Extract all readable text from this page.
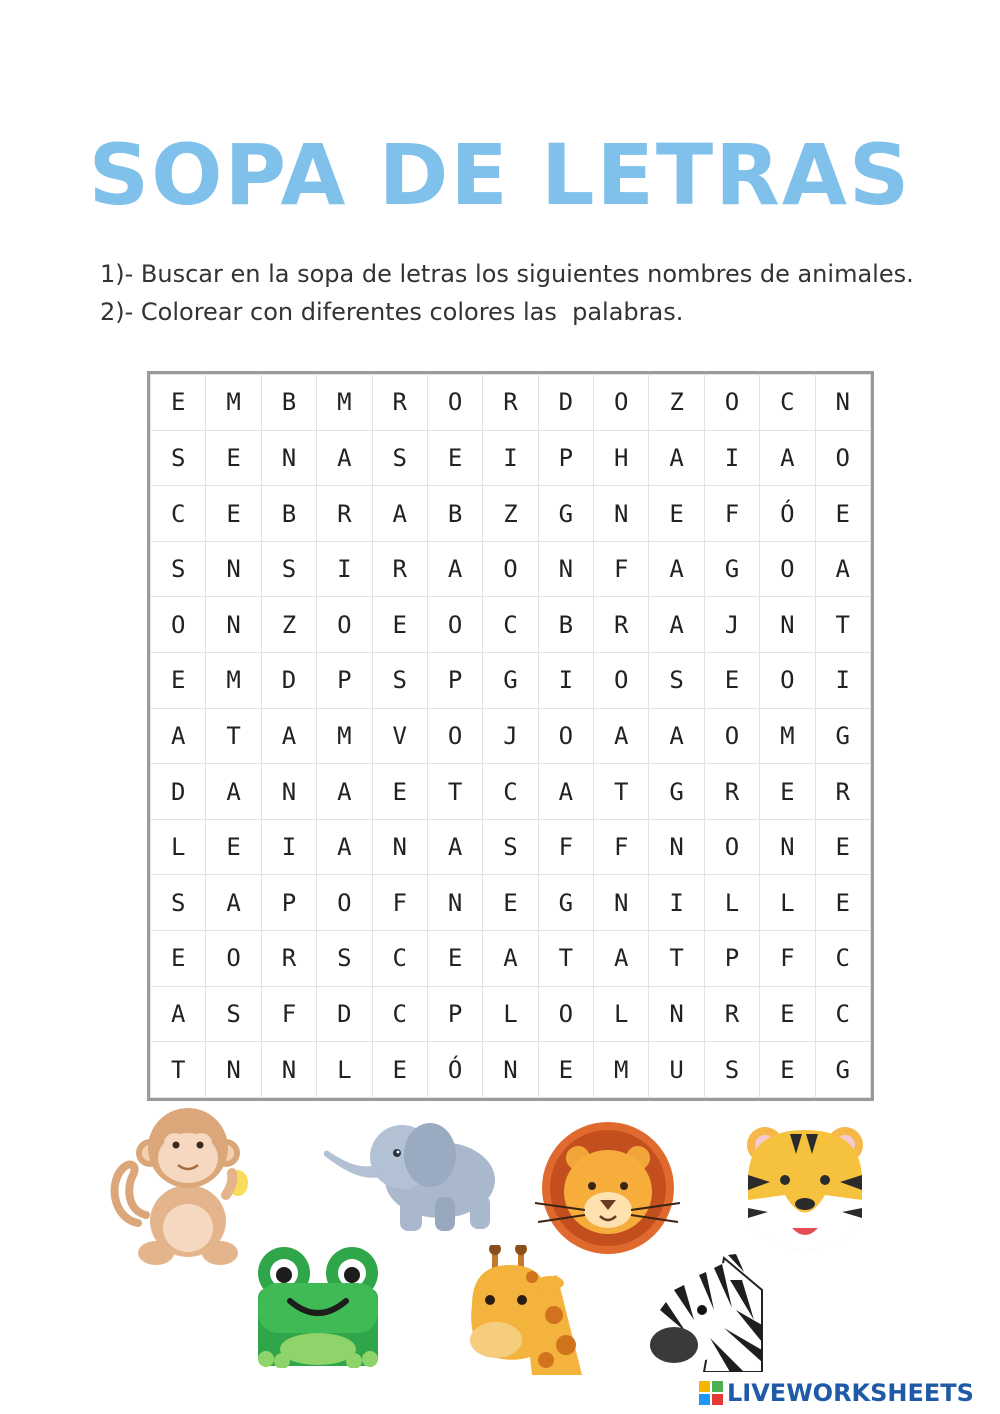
SOPA DE LETRAS
1)- Buscar en la sopa de letras los siguientes nombres de animales.
2)- Colorear con diferentes colores las  palabras.
E	M	B	M	R	O	R	D	O	Z	O	C	N
S	E	N	A	S	E	I	P	H	A	I	A	O
C	E	B	R	A	B	Z	G	N	E	F	Ó	E
S	N	S	I	R	A	O	N	F	A	G	O	A
O	N	Z	O	E	O	C	B	R	A	J	N	T
E	M	D	P	S	P	G	I	O	S	E	O	I
A	T	A	M	V	O	J	O	A	A	O	M	G
D	A	N	A	E	T	C	A	T	G	R	E	R
L	E	I	A	N	A	S	F	F	N	O	N	E
S	A	P	O	F	N	E	G	N	I	L	L	E
E	O	R	S	C	E	A	T	A	T	P	F	C
A	S	F	D	C	P	L	O	L	N	R	E	C
T	N	N	L	E	Ó	N	E	M	U	S	E	G
LIVEWORKSHEETS
